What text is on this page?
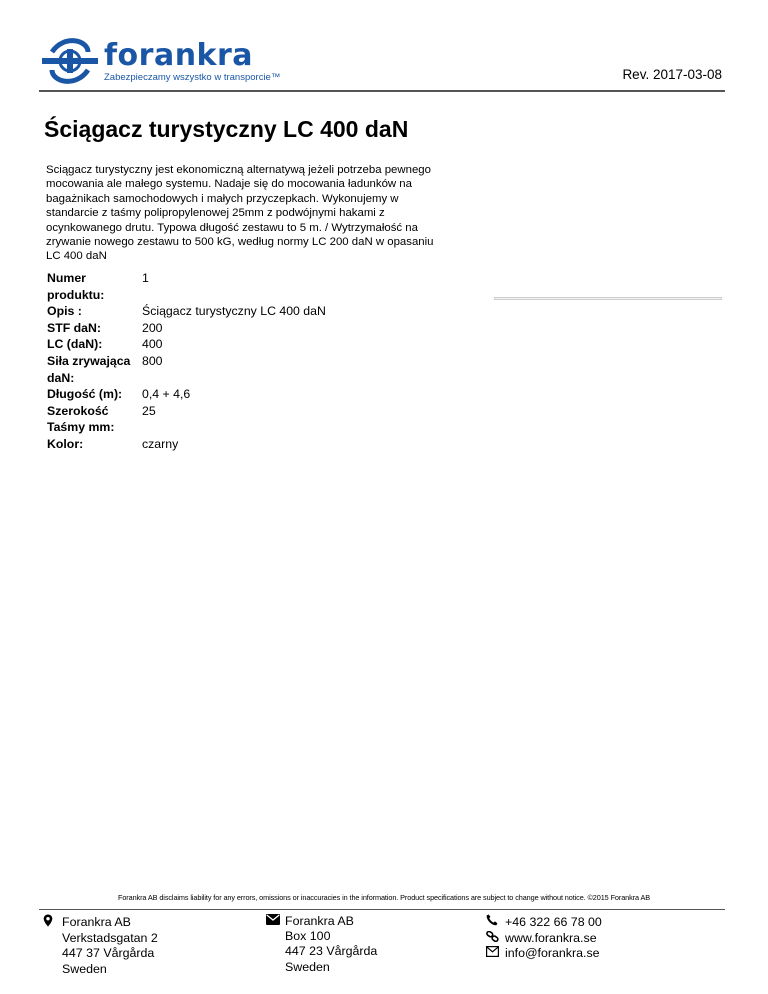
forankra
Zabezpieczamy wszystko w transporcie™	Rev. 2017-03-08
Ściągacz turystyczny LC 400 daN
Sciągacz turystyczny jest ekonomiczną alternatywą jeżeli potrzeba pewnego
mocowania ale małego systemu. Nadaje się do mocowania ładunków na
bagażnikach samochodowych i małych przyczepkach. Wykonujemy w
standarcie z taśmy polipropylenowej 25mm z podwójnymi hakami z
ocynkowanego drutu. Typowa długość zestawu to 5 m. / Wytrzymałość na
zrywanie nowego zestawu to 500 kG, według normy LC 200 daN w opasaniu
LC 400 daN
Numer produktu:	1
Opis :	Ściągacz turystyczny LC 400 daN
STF daN:	200
LC (daN):	400
Siła zrywająca daN:	800
Długość (m):	0,4 + 4,6
Szerokość Taśmy mm:	25
Kolor:	czarny
Forankra AB disclaims liability for any errors, omissions or inaccuracies in the information. Product specifications are subject to change without notice. ©2015 Forankra AB
Forankra AB
Verkstadsgatan 2
447 37 Vårgårda
Sweden
Forankra AB
Box 100
447 23 Vårgårda
Sweden
+46 322 66 78 00
www.forankra.se
info@forankra.se
